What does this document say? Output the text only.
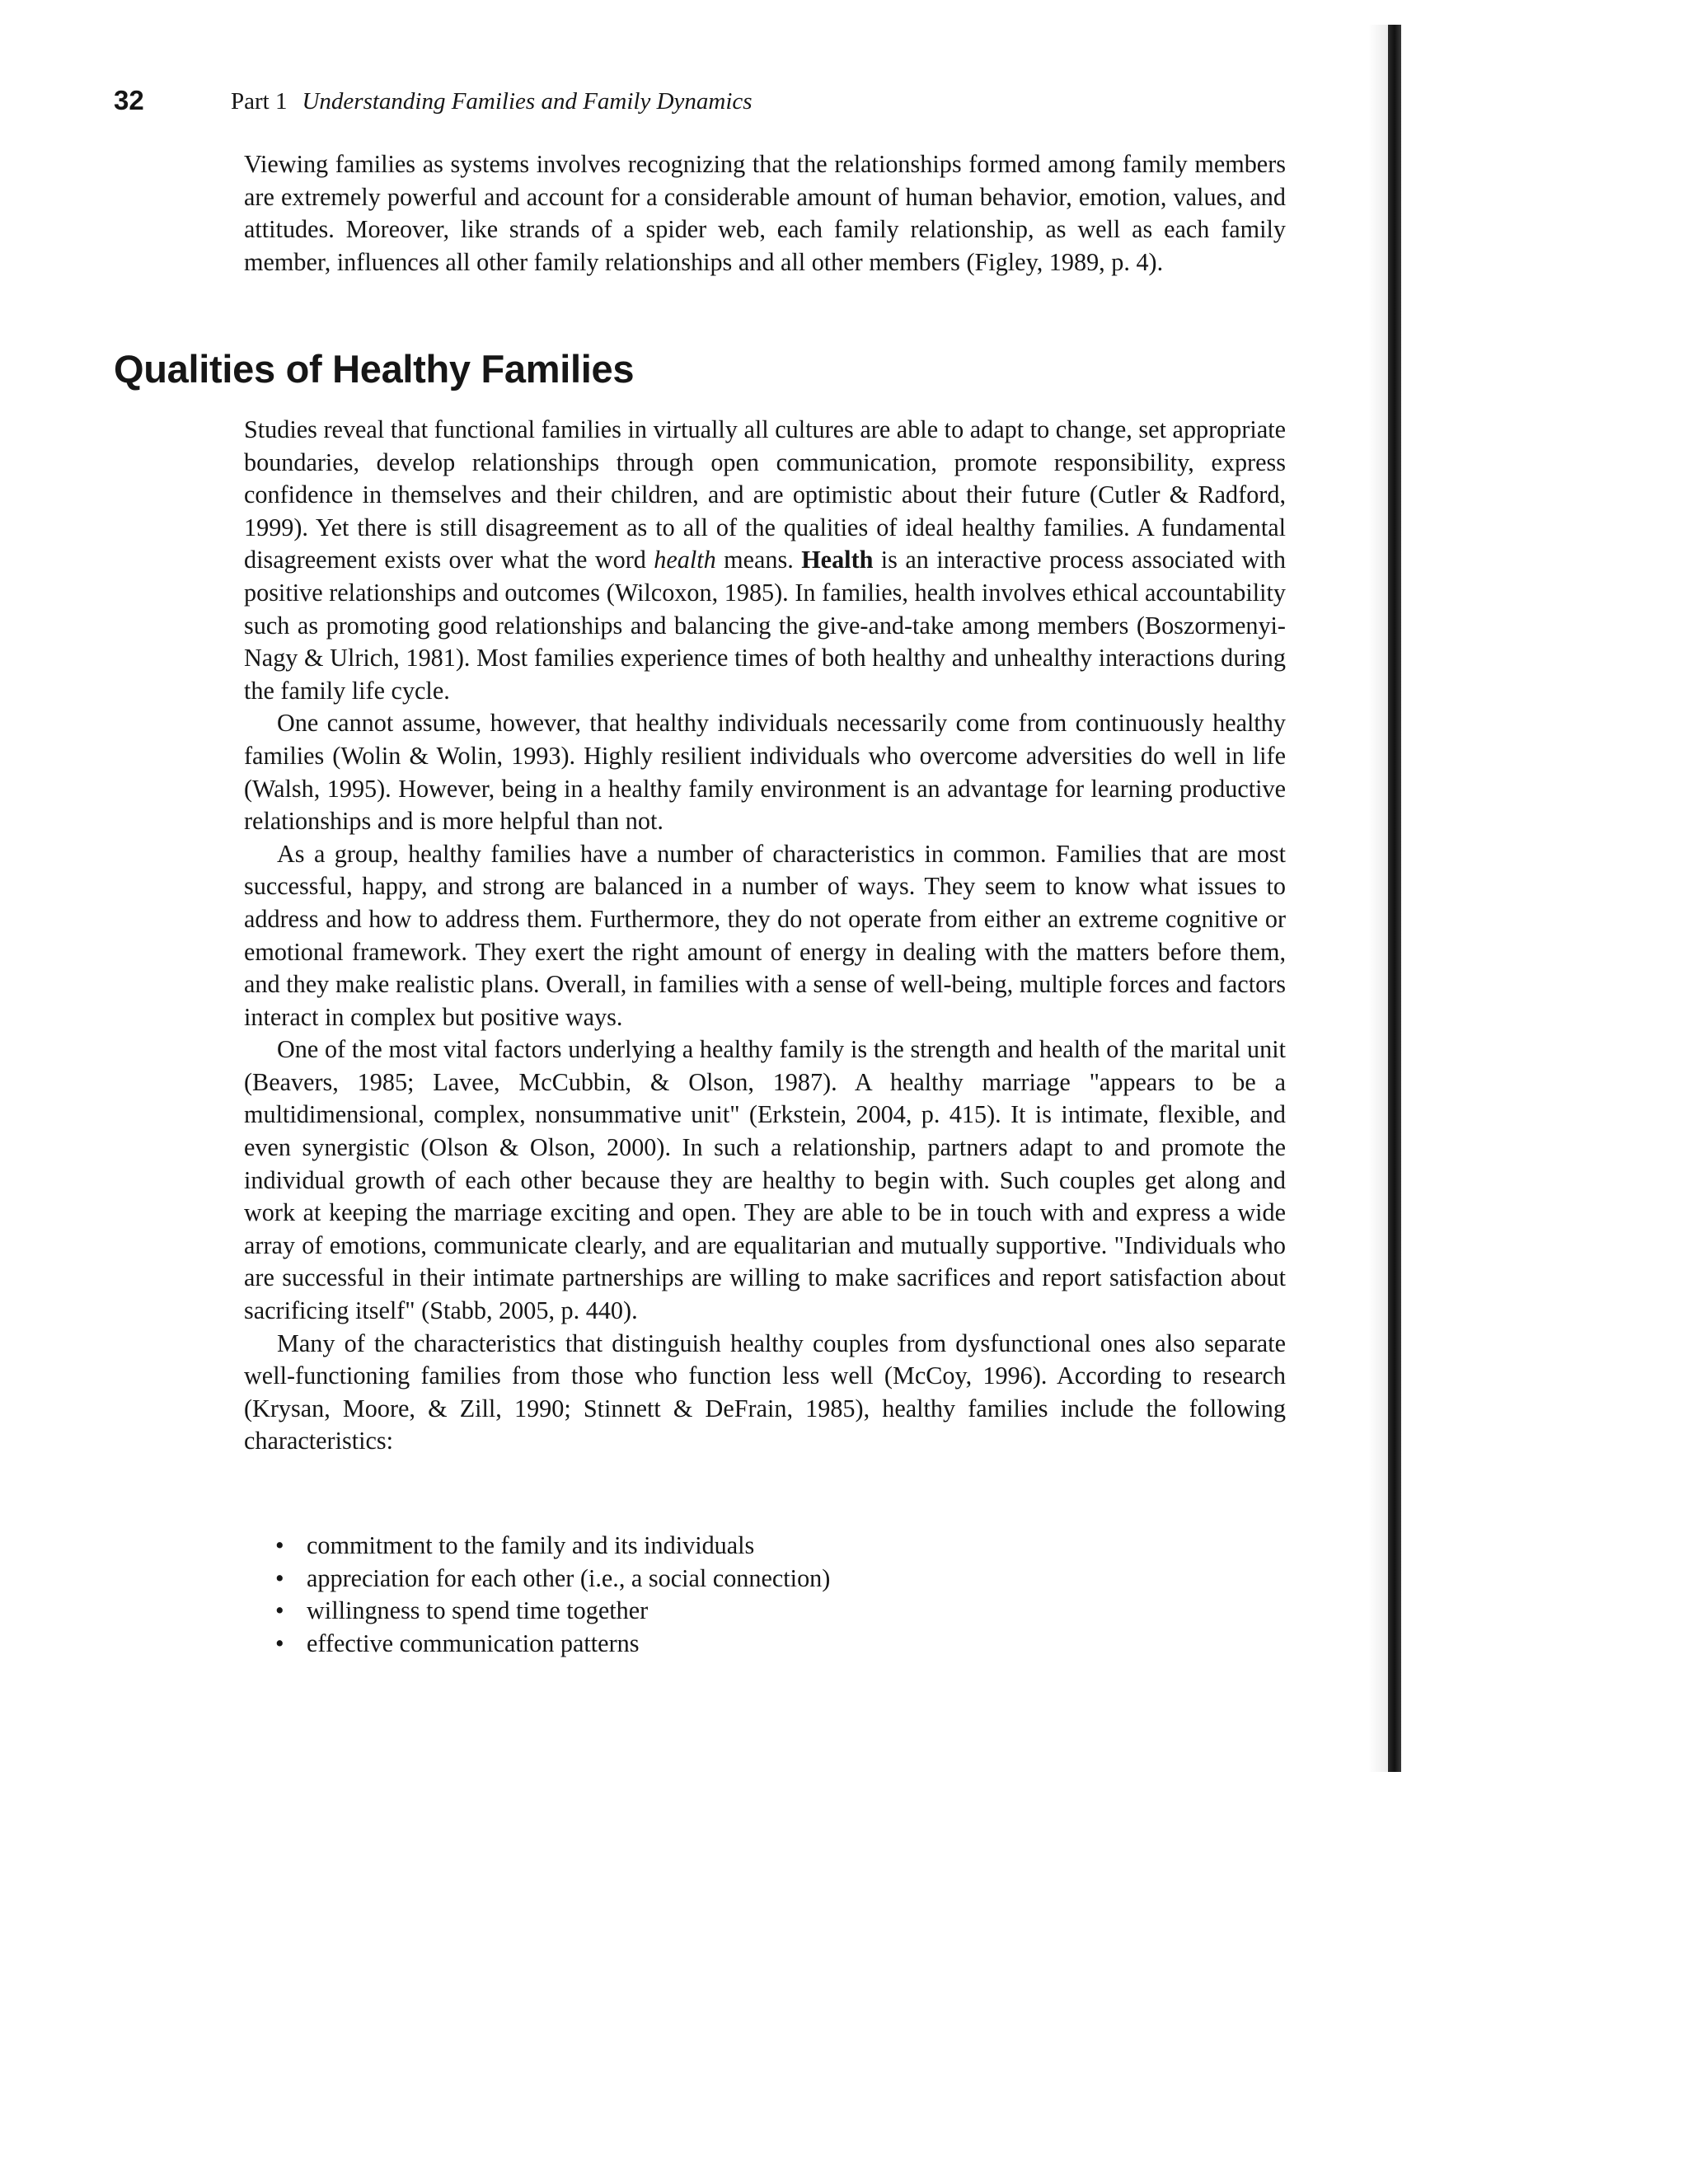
32	Part 1 Understanding Families and Family Dynamics

Viewing families as systems involves recognizing that the relationships formed among family members are extremely powerful and account for a considerable amount of human behavior, emotion, values, and attitudes. Moreover, like strands of a spider web, each family relationship, as well as each family member, influences all other family relationships and all other members (Figley, 1989, p. 4).

Qualities of Healthy Families

Studies reveal that functional families in virtually all cultures are able to adapt to change, set appropriate boundaries, develop relationships through open communication, promote responsibility, express confidence in themselves and their children, and are optimistic about their future (Cutler & Radford, 1999). Yet there is still disagreement as to all of the qualities of ideal healthy families. A fundamental disagreement exists over what the word health means. Health is an interactive process associated with positive relationships and outcomes (Wilcoxon, 1985). In families, health involves ethical accountability such as promoting good relationships and balancing the give-and-take among members (Boszormenyi-Nagy & Ulrich, 1981). Most families experience times of both healthy and unhealthy interactions during the family life cycle.

One cannot assume, however, that healthy individuals necessarily come from continuously healthy families (Wolin & Wolin, 1993). Highly resilient individuals who overcome adversities do well in life (Walsh, 1995). However, being in a healthy family environment is an advantage for learning productive relationships and is more helpful than not.

As a group, healthy families have a number of characteristics in common. Families that are most successful, happy, and strong are balanced in a number of ways. They seem to know what issues to address and how to address them. Furthermore, they do not operate from either an extreme cognitive or emotional framework. They exert the right amount of energy in dealing with the matters before them, and they make realistic plans. Overall, in families with a sense of well-being, multiple forces and factors interact in complex but positive ways.

One of the most vital factors underlying a healthy family is the strength and health of the marital unit (Beavers, 1985; Lavee, McCubbin, & Olson, 1987). A healthy marriage "appears to be a multidimensional, complex, nonsummative unit" (Erkstein, 2004, p. 415). It is intimate, flexible, and even synergistic (Olson & Olson, 2000). In such a relationship, partners adapt to and promote the individual growth of each other because they are healthy to begin with. Such couples get along and work at keeping the marriage exciting and open. They are able to be in touch with and express a wide array of emotions, communicate clearly, and are equalitarian and mutually supportive. "Individuals who are successful in their intimate partnerships are willing to make sacrifices and report satisfaction about sacrificing itself" (Stabb, 2005, p. 440).

Many of the characteristics that distinguish healthy couples from dysfunctional ones also separate well-functioning families from those who function less well (McCoy, 1996). According to research (Krysan, Moore, & Zill, 1990; Stinnett & DeFrain, 1985), healthy families include the following characteristics:

• commitment to the family and its individuals
• appreciation for each other (i.e., a social connection)
• willingness to spend time together
• effective communication patterns
